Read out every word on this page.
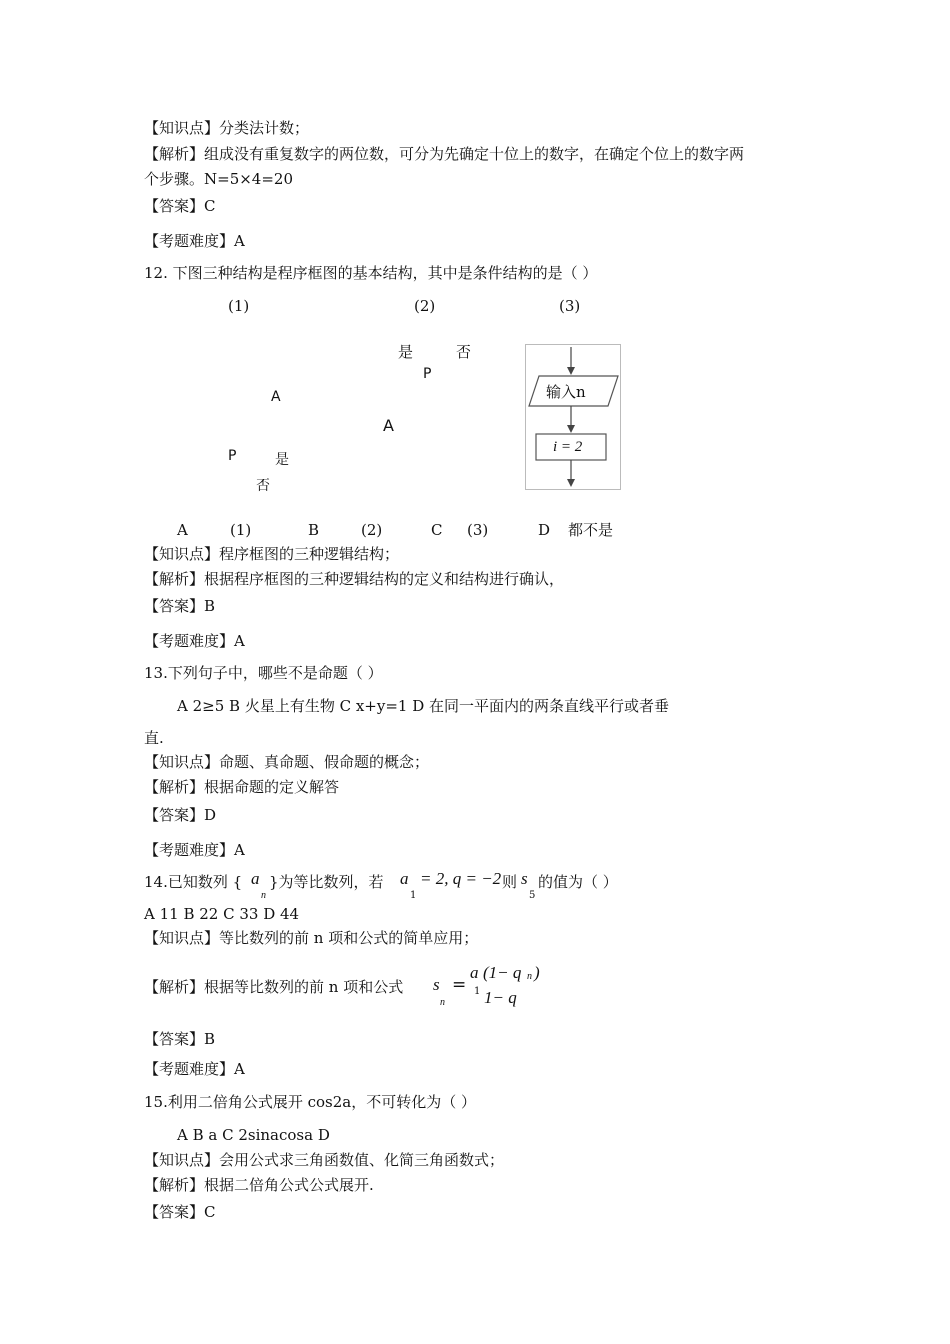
【知识点】分类法计数；
【解析】组成没有重复数字的两位数，可分为先确定十位上的数字，在确定个位上的数字两
个步骤。N=5×4=20
【答案】C
【考题难度】A
12. 下图三种结构是程序框图的基本结构，其中是条件结构的是（ ）
(1)	(2)	(3)
A
P	是
否
是	否
P
A
输入n
i = 2
A	(1)	B	(2)	C (3)	D 都不是
【知识点】程序框图的三种逻辑结构；
【解析】根据程序框图的三种逻辑结构的定义和结构进行确认，
【答案】B
【考题难度】A
13.下列句子中，哪些不是命题（ ）
A 2≥5 B 火星上有生物 C x+y=1 D 在同一平面内的两条直线平行或者垂
直.
【知识点】命题、真命题、假命题的概念；
【解析】根据命题的定义解答
【答案】D
【考题难度】A
14.已知数列 { a
n
}为等比数列，若 a
1
= 2, q = −2 则 s
5
的值为（ ）
A 11 B 22 C 33 D 44
【知识点】等比数列的前 n 项和公式的简单应用；
【解析】根据等比数列的前 n 项和公式 s
n
=
a
1
(1− q n )
1− q
【答案】B
【考题难度】A
15.利用二倍角公式展开 cos2a，不可转化为（ ）
A B a C 2sinacosa D
【知识点】会用公式求三角函数值、化简三角函数式；
【解析】根据二倍角公式公式展开.
【答案】C
